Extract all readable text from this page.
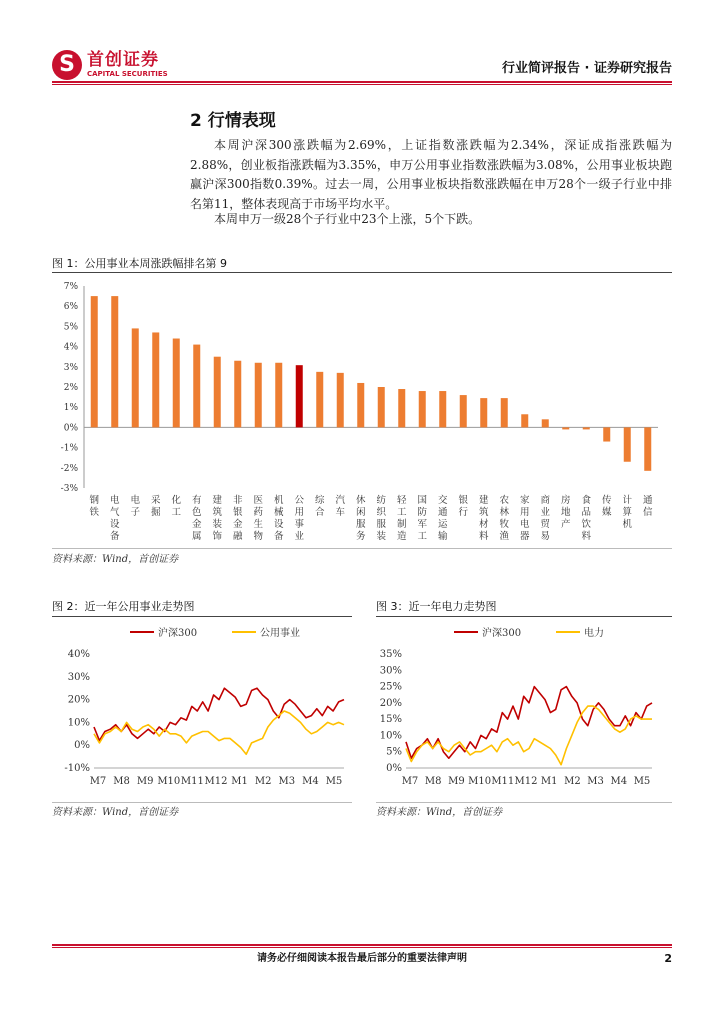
S 首创证券
CAPITAL SECURITIES	行业简评报告 · 证券研究报告
2 行情表现

本周沪深300涨跌幅为2.69%，上证指数涨跌幅为2.34%，深证成指涨跌幅为2.88%，创业板指涨跌幅为3.35%，申万公用事业指数涨跌幅为3.08%，公用事业板块跑赢沪深300指数0.39%。过去一周，公用事业板块指数涨跌幅在申万28个一级子行业中排名第11，整体表现高于市场平均水平。

本周申万一级28个子行业中23个上涨，5个下跌。

图 1：公用事业本周涨跌幅排名第 9
7%
6%
5%
4%
3%
2%
1%
0%
-1%
-2%
-3%
钢铁
电气设备
电子
采掘
化工
有色金属
建筑装饰
非银金融
医药生物
机械设备
公用事业
综合
汽车
休闲服务
纺织服装
轻工制造
国防军工
交通运输
银行
建筑材料
农林牧渔
家用电器
商业贸易
房地产
食品饮料
传媒
计算机
通信
资料来源：Wind，首创证券
图 2：近一年公用事业走势图
沪深300	公用事业
40%
30%
20%
10%
0%
-10%
M7 M8 M9 M10 M11 M12 M1 M2 M3 M4 M5
资料来源：Wind，首创证券
图 3：近一年电力走势图
沪深300	电力
35%
30%
25%
20%
15%
10%
5%
0%
M7 M8 M9 M10 M11 M12 M1 M2 M3 M4 M5
资料来源：Wind，首创证券
请务必仔细阅读本报告最后部分的重要法律声明	2
